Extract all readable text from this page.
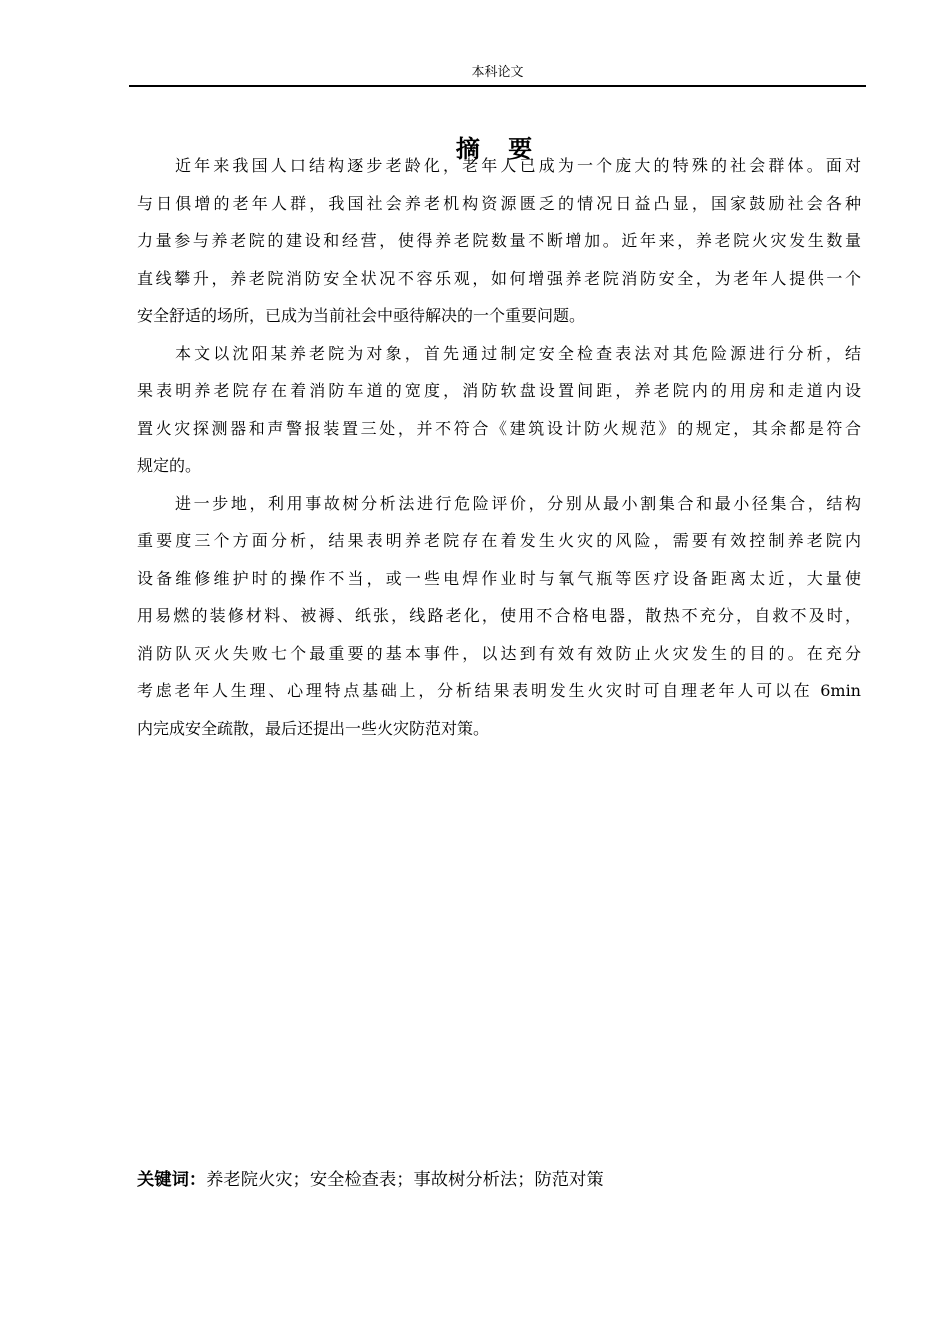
本科论文
摘 要
近年来我国人口结构逐步老龄化，老年人已成为一个庞大的特殊的社会群体。面对
与日俱增的老年人群，我国社会养老机构资源匮乏的情况日益凸显，国家鼓励社会各种
力量参与养老院的建设和经营，使得养老院数量不断增加。近年来，养老院火灾发生数量
直线攀升，养老院消防安全状况不容乐观，如何增强养老院消防安全，为老年人提供一个
安全舒适的场所，已成为当前社会中亟待解决的一个重要问题。
本文以沈阳某养老院为对象，首先通过制定安全检查表法对其危险源进行分析，结
果表明养老院存在着消防车道的宽度，消防软盘设置间距，养老院内的用房和走道内设
置火灾探测器和声警报装置三处，并不符合《建筑设计防火规范》的规定，其余都是符合
规定的。
进一步地，利用事故树分析法进行危险评价，分别从最小割集合和最小径集合，结构
重要度三个方面分析，结果表明养老院存在着发生火灾的风险，需要有效控制养老院内
设备维修维护时的操作不当，或一些电焊作业时与氧气瓶等医疗设备距离太近，大量使
用易燃的装修材料、被褥、纸张，线路老化，使用不合格电器，散热不充分，自救不及时，
消防队灭火失败七个最重要的基本事件，以达到有效有效防止火灾发生的目的。在充分
考虑老年人生理、心理特点基础上，分析结果表明发生火灾时可自理老年人可以在 6min
内完成安全疏散，最后还提出一些火灾防范对策。
关键词：养老院火灾；安全检查表；事故树分析法；防范对策
